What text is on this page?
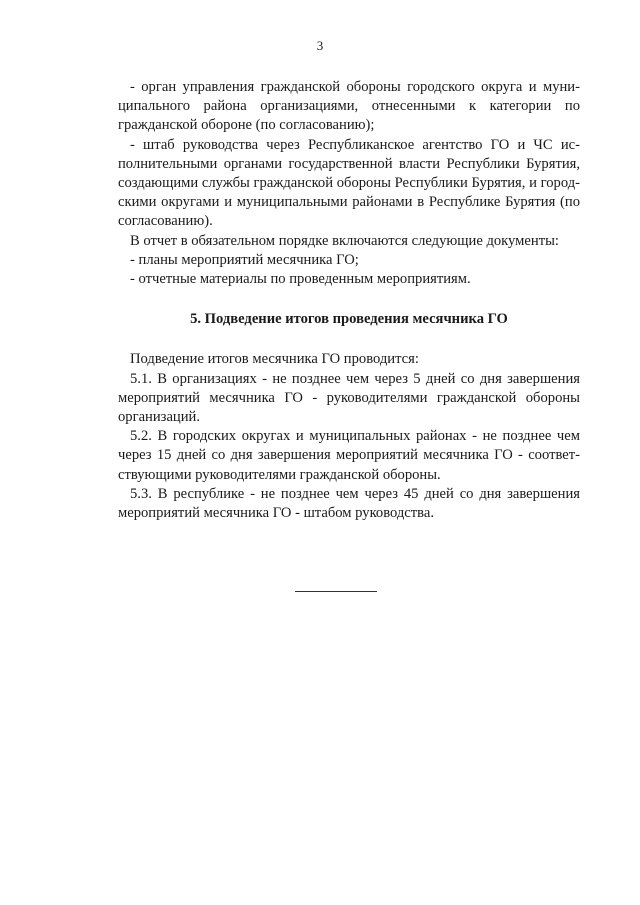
3

- орган управления гражданской обороны городского округа и муниципального района организациями, отнесенными к категории по гражданской обороне (по согласованию);

- штаб руководства через Республиканское агентство ГО и ЧС исполнительными органами государственной власти Республики Бурятия, создающими службы гражданской обороны Республики Бурятия, и городскими округами и муниципальными районами в Республике Бурятия (по согласованию).

В отчет в обязательном порядке включаются следующие документы:

- планы мероприятий месячника ГО;

- отчетные материалы по проведенным мероприятиям.

5. Подведение итогов проведения месячника ГО

Подведение итогов месячника ГО проводится:

5.1. В организациях - не позднее чем через 5 дней со дня завершения мероприятий месячника ГО - руководителями гражданской обороны организаций.

5.2. В городских округах и муниципальных районах - не позднее чем через 15 дней со дня завершения мероприятий месячника ГО - соответствующими руководителями гражданской обороны.

5.3. В республике - не позднее чем через 45 дней со дня завершения мероприятий месячника ГО - штабом руководства.
